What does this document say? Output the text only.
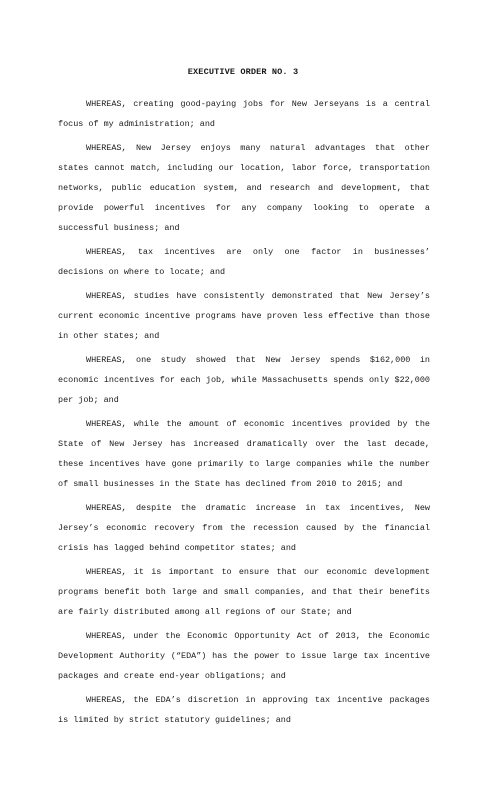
EXECUTIVE ORDER NO. 3

WHEREAS, creating good-paying jobs for New Jerseyans is a central focus of my administration; and

WHEREAS, New Jersey enjoys many natural advantages that other states cannot match, including our location, labor force, transportation networks, public education system, and research and development, that provide powerful incentives for any company looking to operate a successful business; and

WHEREAS, tax incentives are only one factor in businesses’ decisions on where to locate; and

WHEREAS, studies have consistently demonstrated that New Jersey’s current economic incentive programs have proven less effective than those in other states; and

WHEREAS, one study showed that New Jersey spends $162,000 in economic incentives for each job, while Massachusetts spends only $22,000 per job; and

WHEREAS, while the amount of economic incentives provided by the State of New Jersey has increased dramatically over the last decade, these incentives have gone primarily to large companies while the number of small businesses in the State has declined from 2010 to 2015; and

WHEREAS, despite the dramatic increase in tax incentives, New Jersey’s economic recovery from the recession caused by the financial crisis has lagged behind competitor states; and

WHEREAS, it is important to ensure that our economic development programs benefit both large and small companies, and that their benefits are fairly distributed among all regions of our State; and

WHEREAS, under the Economic Opportunity Act of 2013, the Economic Development Authority (“EDA”) has the power to issue large tax incentive packages and create end-year obligations; and

WHEREAS, the EDA’s discretion in approving tax incentive packages is limited by strict statutory guidelines; and
